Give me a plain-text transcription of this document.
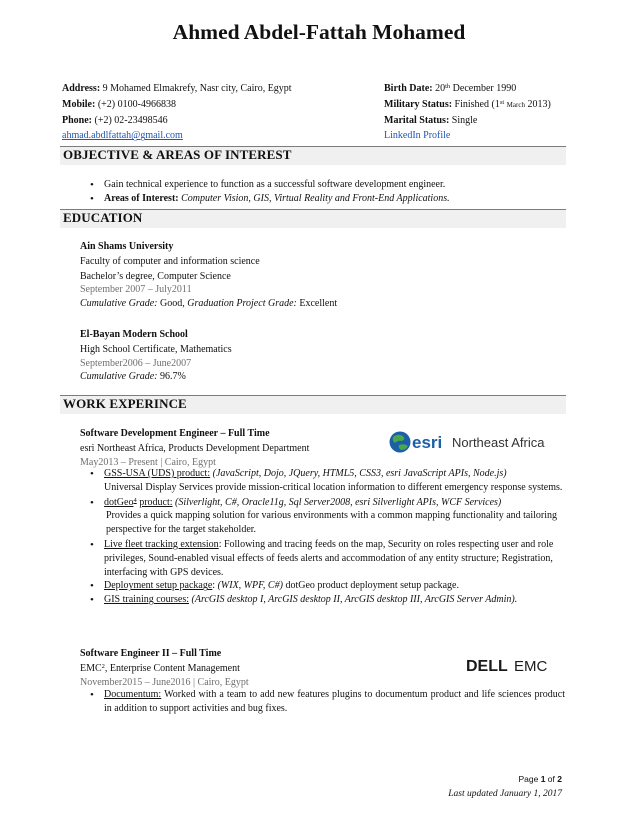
Ahmed Abdel-Fattah Mohamed
Address: 9 Mohamed Elmakrefy, Nasr city, Cairo, Egypt
Mobile: (+2) 0100-4966838
Phone: (+2) 02-23498546
ahmad.abdlfattah@gmail.com
Birth Date: 20th December 1990
Military Status: Finished (1st March 2013)
Marital Status: Single
LinkedIn Profile
OBJECTIVE & AREAS OF INTEREST
• Gain technical experience to function as a successful software development engineer.
• Areas of Interest: Computer Vision, GIS, Virtual Reality and Front-End Applications.
EDUCATION
Ain Shams University
Faculty of computer and information science
Bachelor’s degree, Computer Science
September 2007 – July2011
Cumulative Grade: Good, Graduation Project Grade: Excellent
El-Bayan Modern School
High School Certificate, Mathematics
September2006 – June2007
Cumulative Grade: 96.7%
WORK EXPERINCE
Software Development Engineer – Full Time
esri Northeast Africa, Products Development Department
May2013 – Present | Cairo, Egypt
esri Northeast Africa
• GSS-USA (UDS) product: (JavaScript, Dojo, JQuery, HTML5, CSS3, esri JavaScript APIs, Node.js)
Universal Display Services provide mission-critical location information to different emergency response systems.
• dotGeo$^4$ product: (Silverlight, C#, Oracle11g, Sql Server2008, esri Silverlight APIs, WCF Services)
Provides a quick mapping solution for various environments with a common mapping functionality and tailoring perspective for the target stakeholder.
• Live fleet tracking extension: Following and tracing feeds on the map, Security on roles respecting user and role privileges, Sound-enabled visual effects of feeds alerts and accommodation of any entity structure; Registration, interfacing with GPS devices.
• Deployment setup package: (WIX, WPF, C#) dotGeo product deployment setup package.
• GIS training courses: (ArcGIS desktop I, ArcGIS desktop II, ArcGIS desktop III, ArcGIS Server Admin).
Software Engineer II – Full Time
EMC$^2$, Enterprise Content Management
November2015 – June2016 | Cairo, Egypt
DELL EMC
• Documentum: Worked with a team to add new features plugins to documentum product and life sciences product in addition to support activities and bug fixes.
Page 1 of 2
Last updated January 1, 2017
